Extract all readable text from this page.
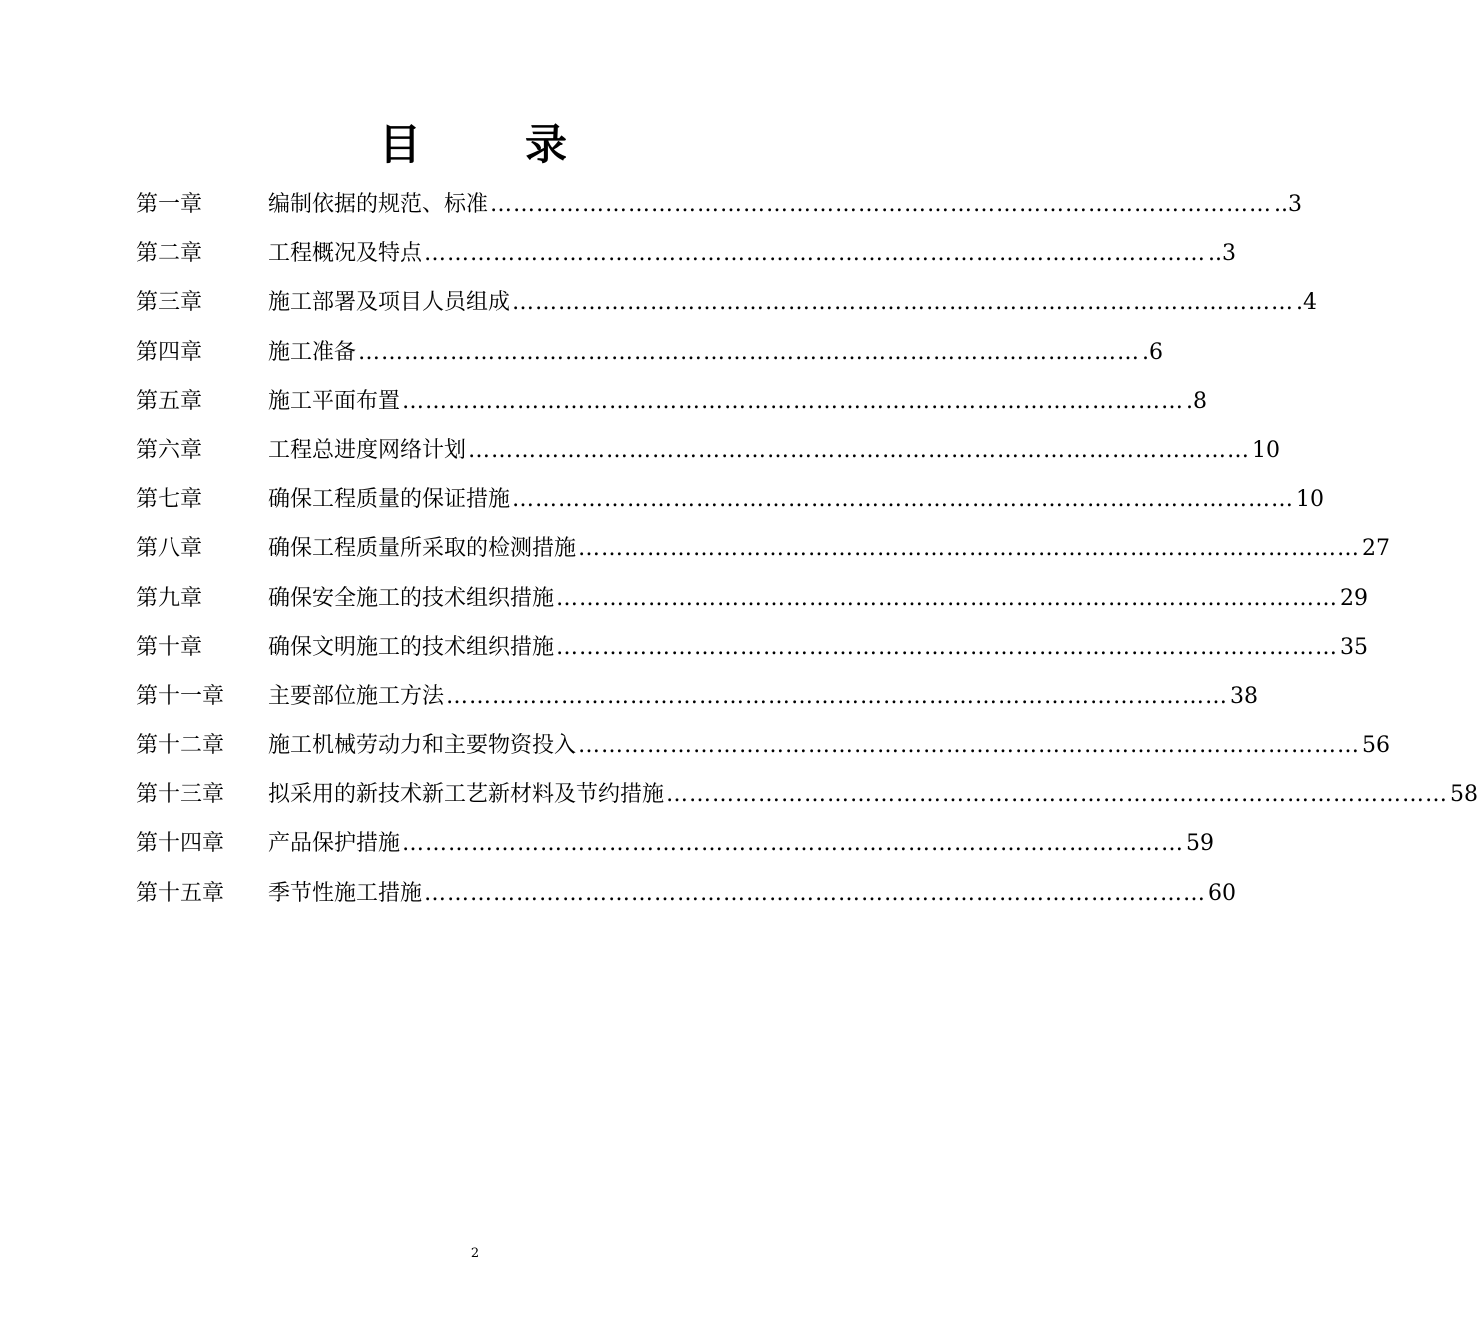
目 录
第一章	编制依据的规范、标准 ………………………………………………………………………………………… ..3
第二章	工程概况及特点 ………………………………………………………………………………………… ..3
第三章	施工部署及项目人员组成 ………………………………………………………………………………………… .4
第四章	施工准备 ………………………………………………………………………………………… .6
第五章	施工平面布置 ………………………………………………………………………………………… .8
第六章	工程总进度网络计划 ………………………………………………………………………………………… 10
第七章	确保工程质量的保证措施 ………………………………………………………………………………………… 10
第八章	确保工程质量所采取的检测措施 ………………………………………………………………………………………… 27
第九章	确保安全施工的技术组织措施 ………………………………………………………………………………………… 29
第十章	确保文明施工的技术组织措施 ………………………………………………………………………………………… 35
第十一章 主要部位施工方法 ………………………………………………………………………………………… 38
第十二章 施工机械劳动力和主要物资投入 ………………………………………………………………………………………… 56
第十三章 拟采用的新技术新工艺新材料及节约措施 ………………………………………………………………………………………… 58
第十四章 产品保护措施 ………………………………………………………………………………………… 59
第十五章 季节性施工措施 ………………………………………………………………………………………… 60
2
